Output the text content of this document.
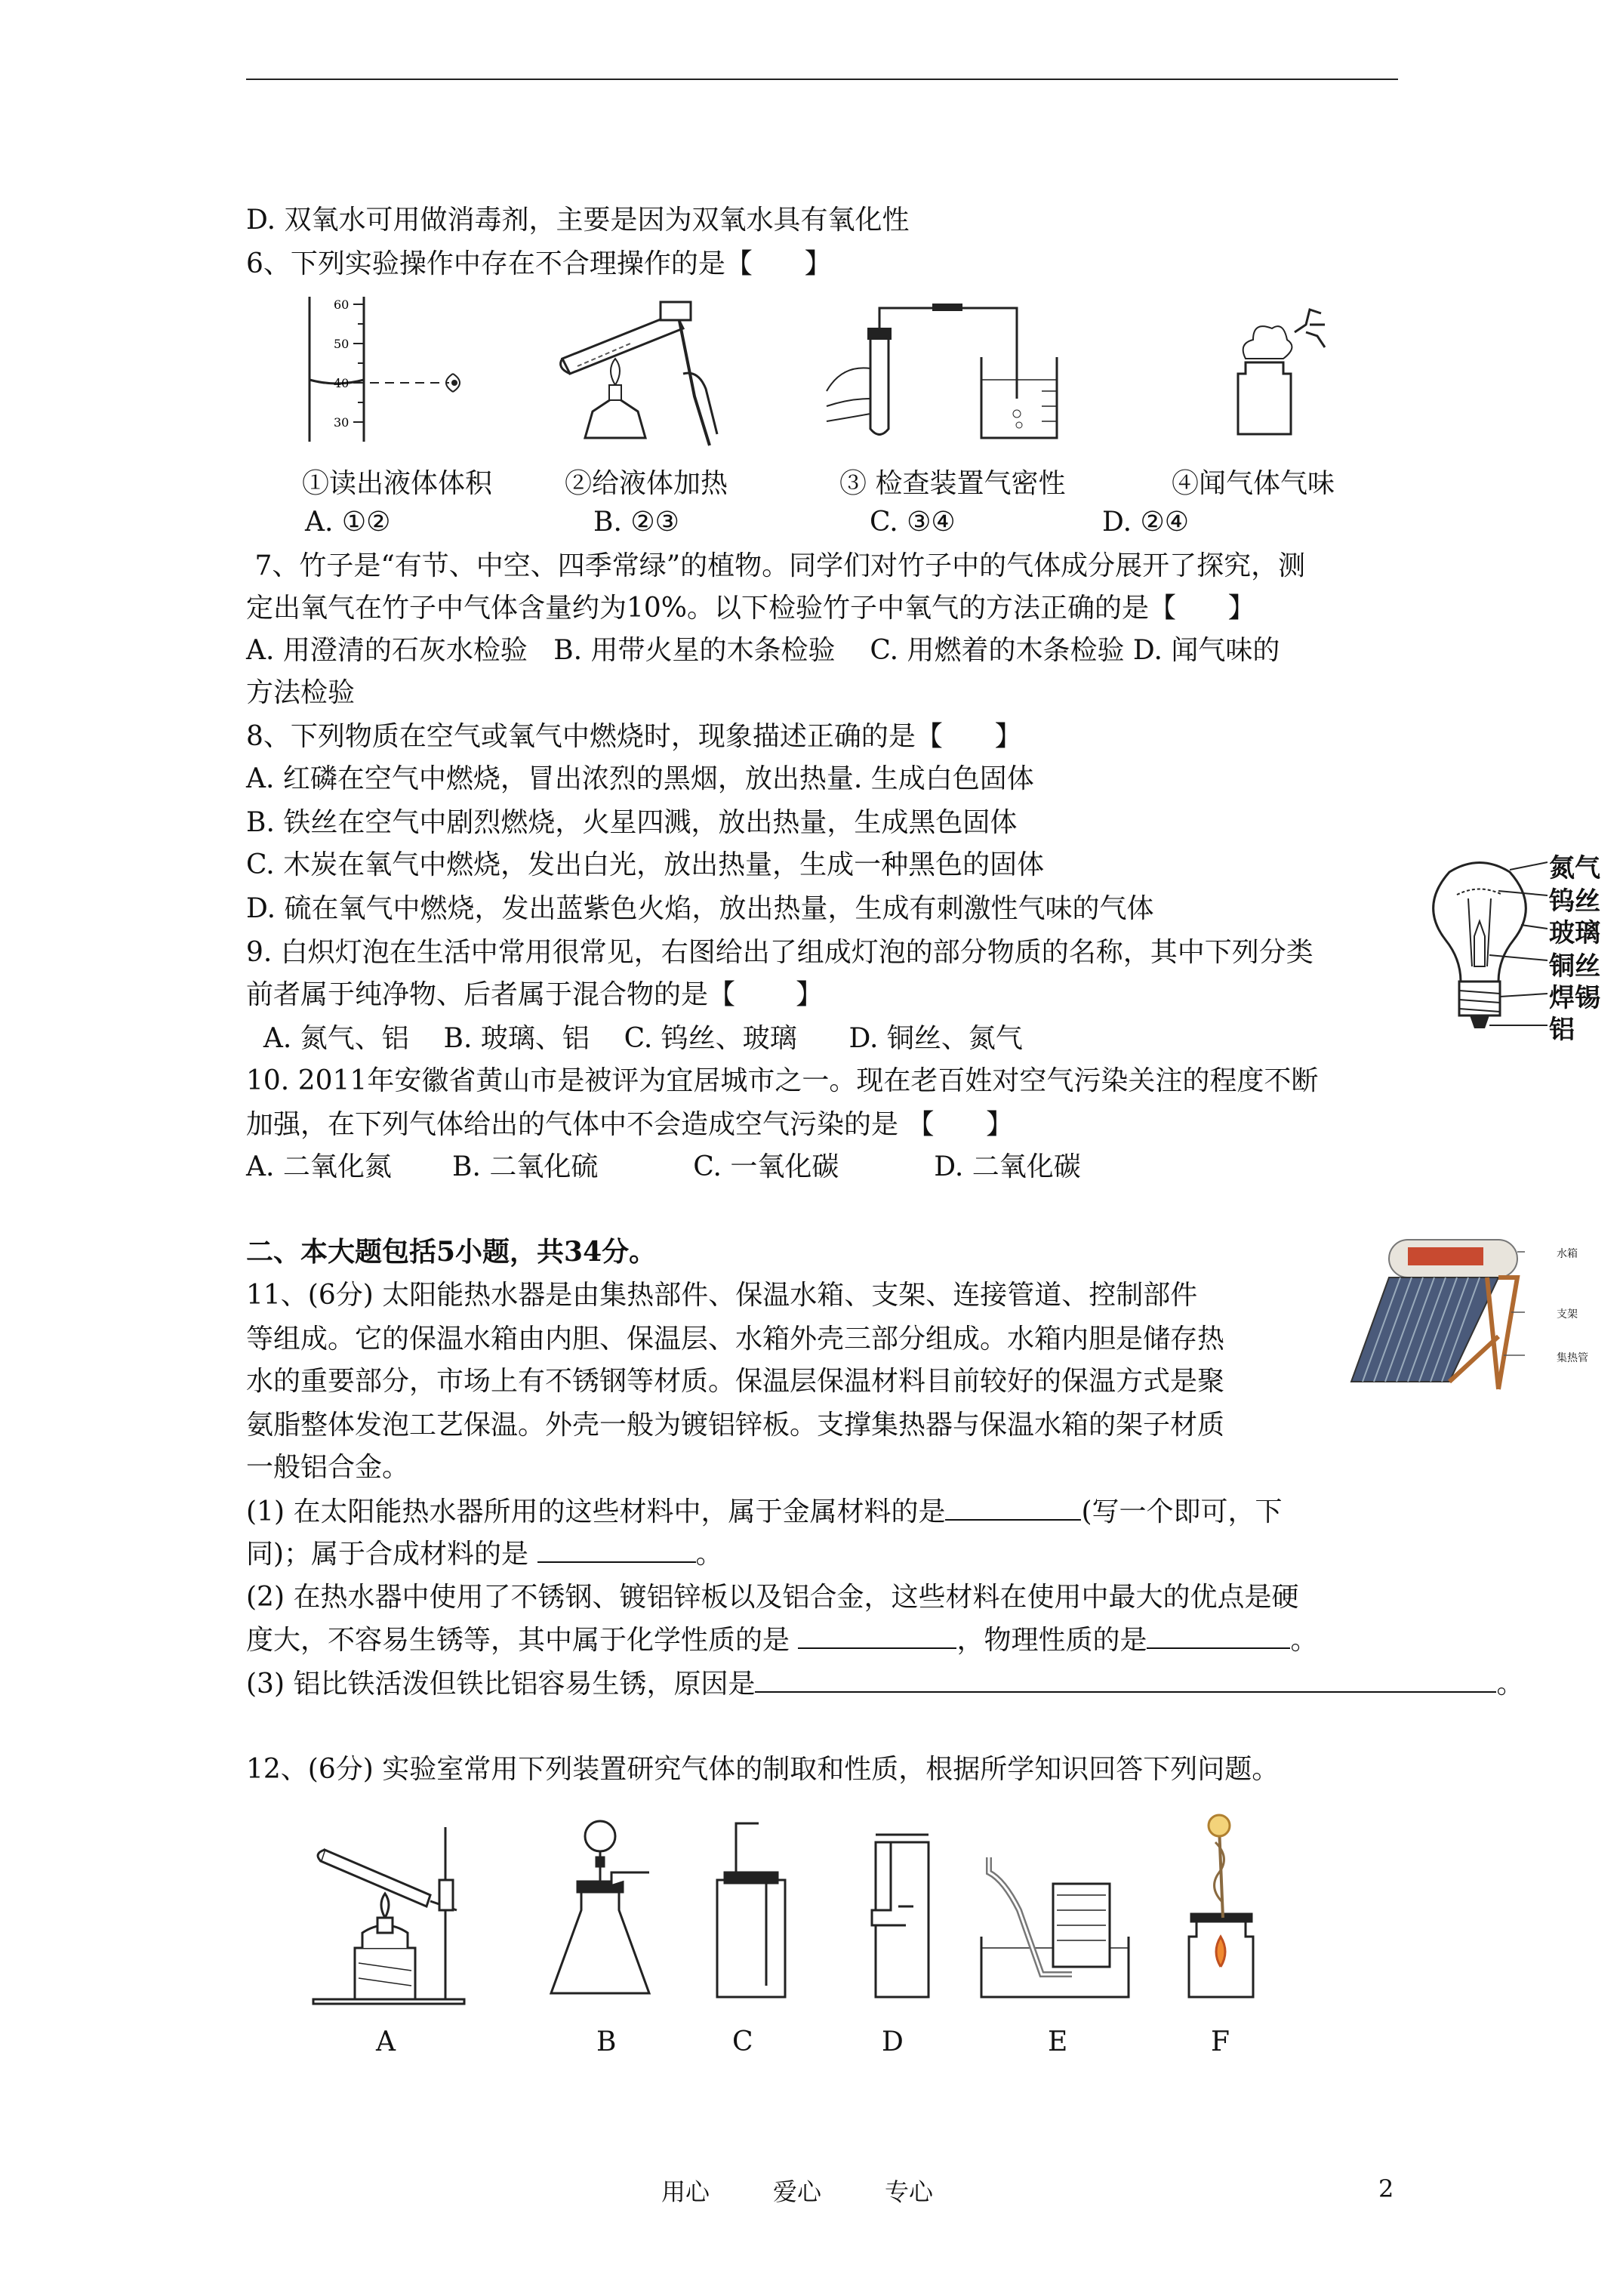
D. 双氧水可用做消毒剂，主要是因为双氧水具有氧化性
6、下列实验操作中存在不合理操作的是【      】
60
50
40
30
①读出液体体积	②给液体加热	③ 检查装置气密性	④闻气体气味
A. ①②	B. ②③	C. ③④	D. ②④
7、竹子是“有节、中空、四季常绿”的植物。同学们对竹子中的气体成分展开了探究，测
定出氧气在竹子中气体含量约为10%。以下检验竹子中氧气的方法正确的是【      】
A. 用澄清的石灰水检验   B. 用带火星的木条检验    C. 用燃着的木条检验 D. 闻气味的
方法检验
8、下列物质在空气或氧气中燃烧时，现象描述正确的是【      】
A. 红磷在空气中燃烧，冒出浓烈的黑烟，放出热量. 生成白色固体
B. 铁丝在空气中剧烈燃烧，火星四溅，放出热量，生成黑色固体
C. 木炭在氧气中燃烧，发出白光，放出热量，生成一种黑色的固体
D. 硫在氧气中燃烧，发出蓝紫色火焰，放出热量，生成有刺激性气味的气体
氮气
钨丝
玻璃
铜丝
焊锡
铝
9. 白炽灯泡在生活中常用很常见，右图给出了组成灯泡的部分物质的名称，其中下列分类
前者属于纯净物、后者属于混合物的是【       】
A. 氮气、铝    B. 玻璃、铝    C. 钨丝、玻璃      D. 铜丝、氮气
10. 2011年安徽省黄山市是被评为宜居城市之一。现在老百姓对空气污染关注的程度不断
加强，在下列气体给出的气体中不会造成空气污染的是 【      】
A. 二氧化氮       B. 二氧化硫           C. 一氧化碳           D. 二氧化碳
二、本大题包括5小题，共34分。	水箱
支架
集热管
11、(6分) 太阳能热水器是由集热部件、保温水箱、支架、连接管道、控制部件
等组成。它的保温水箱由内胆、保温层、水箱外壳三部分组成。水箱内胆是储存热
水的重要部分，市场上有不锈钢等材质。保温层保温材料目前较好的保温方式是聚
氨脂整体发泡工艺保温。外壳一般为镀铝锌板。支撑集热器与保温水箱的架子材质
一般铝合金。
(1) 在太阳能热水器所用的这些材料中，属于金属材料的是	(写一个即可，下
同)；属于合成材料的是	。
(2) 在热水器中使用了不锈钢、镀铝锌板以及铝合金，这些材料在使用中最大的优点是硬
度大，不容易生锈等，其中属于化学性质的是	，物理性质的是	。
(3) 铝比铁活泼但铁比铝容易生锈，原因是	。
12、(6分) 实验室常用下列装置研究气体的制取和性质，根据所学知识回答下列问题。
A	B	C	D	E	F
用心	爱心	专心	2
